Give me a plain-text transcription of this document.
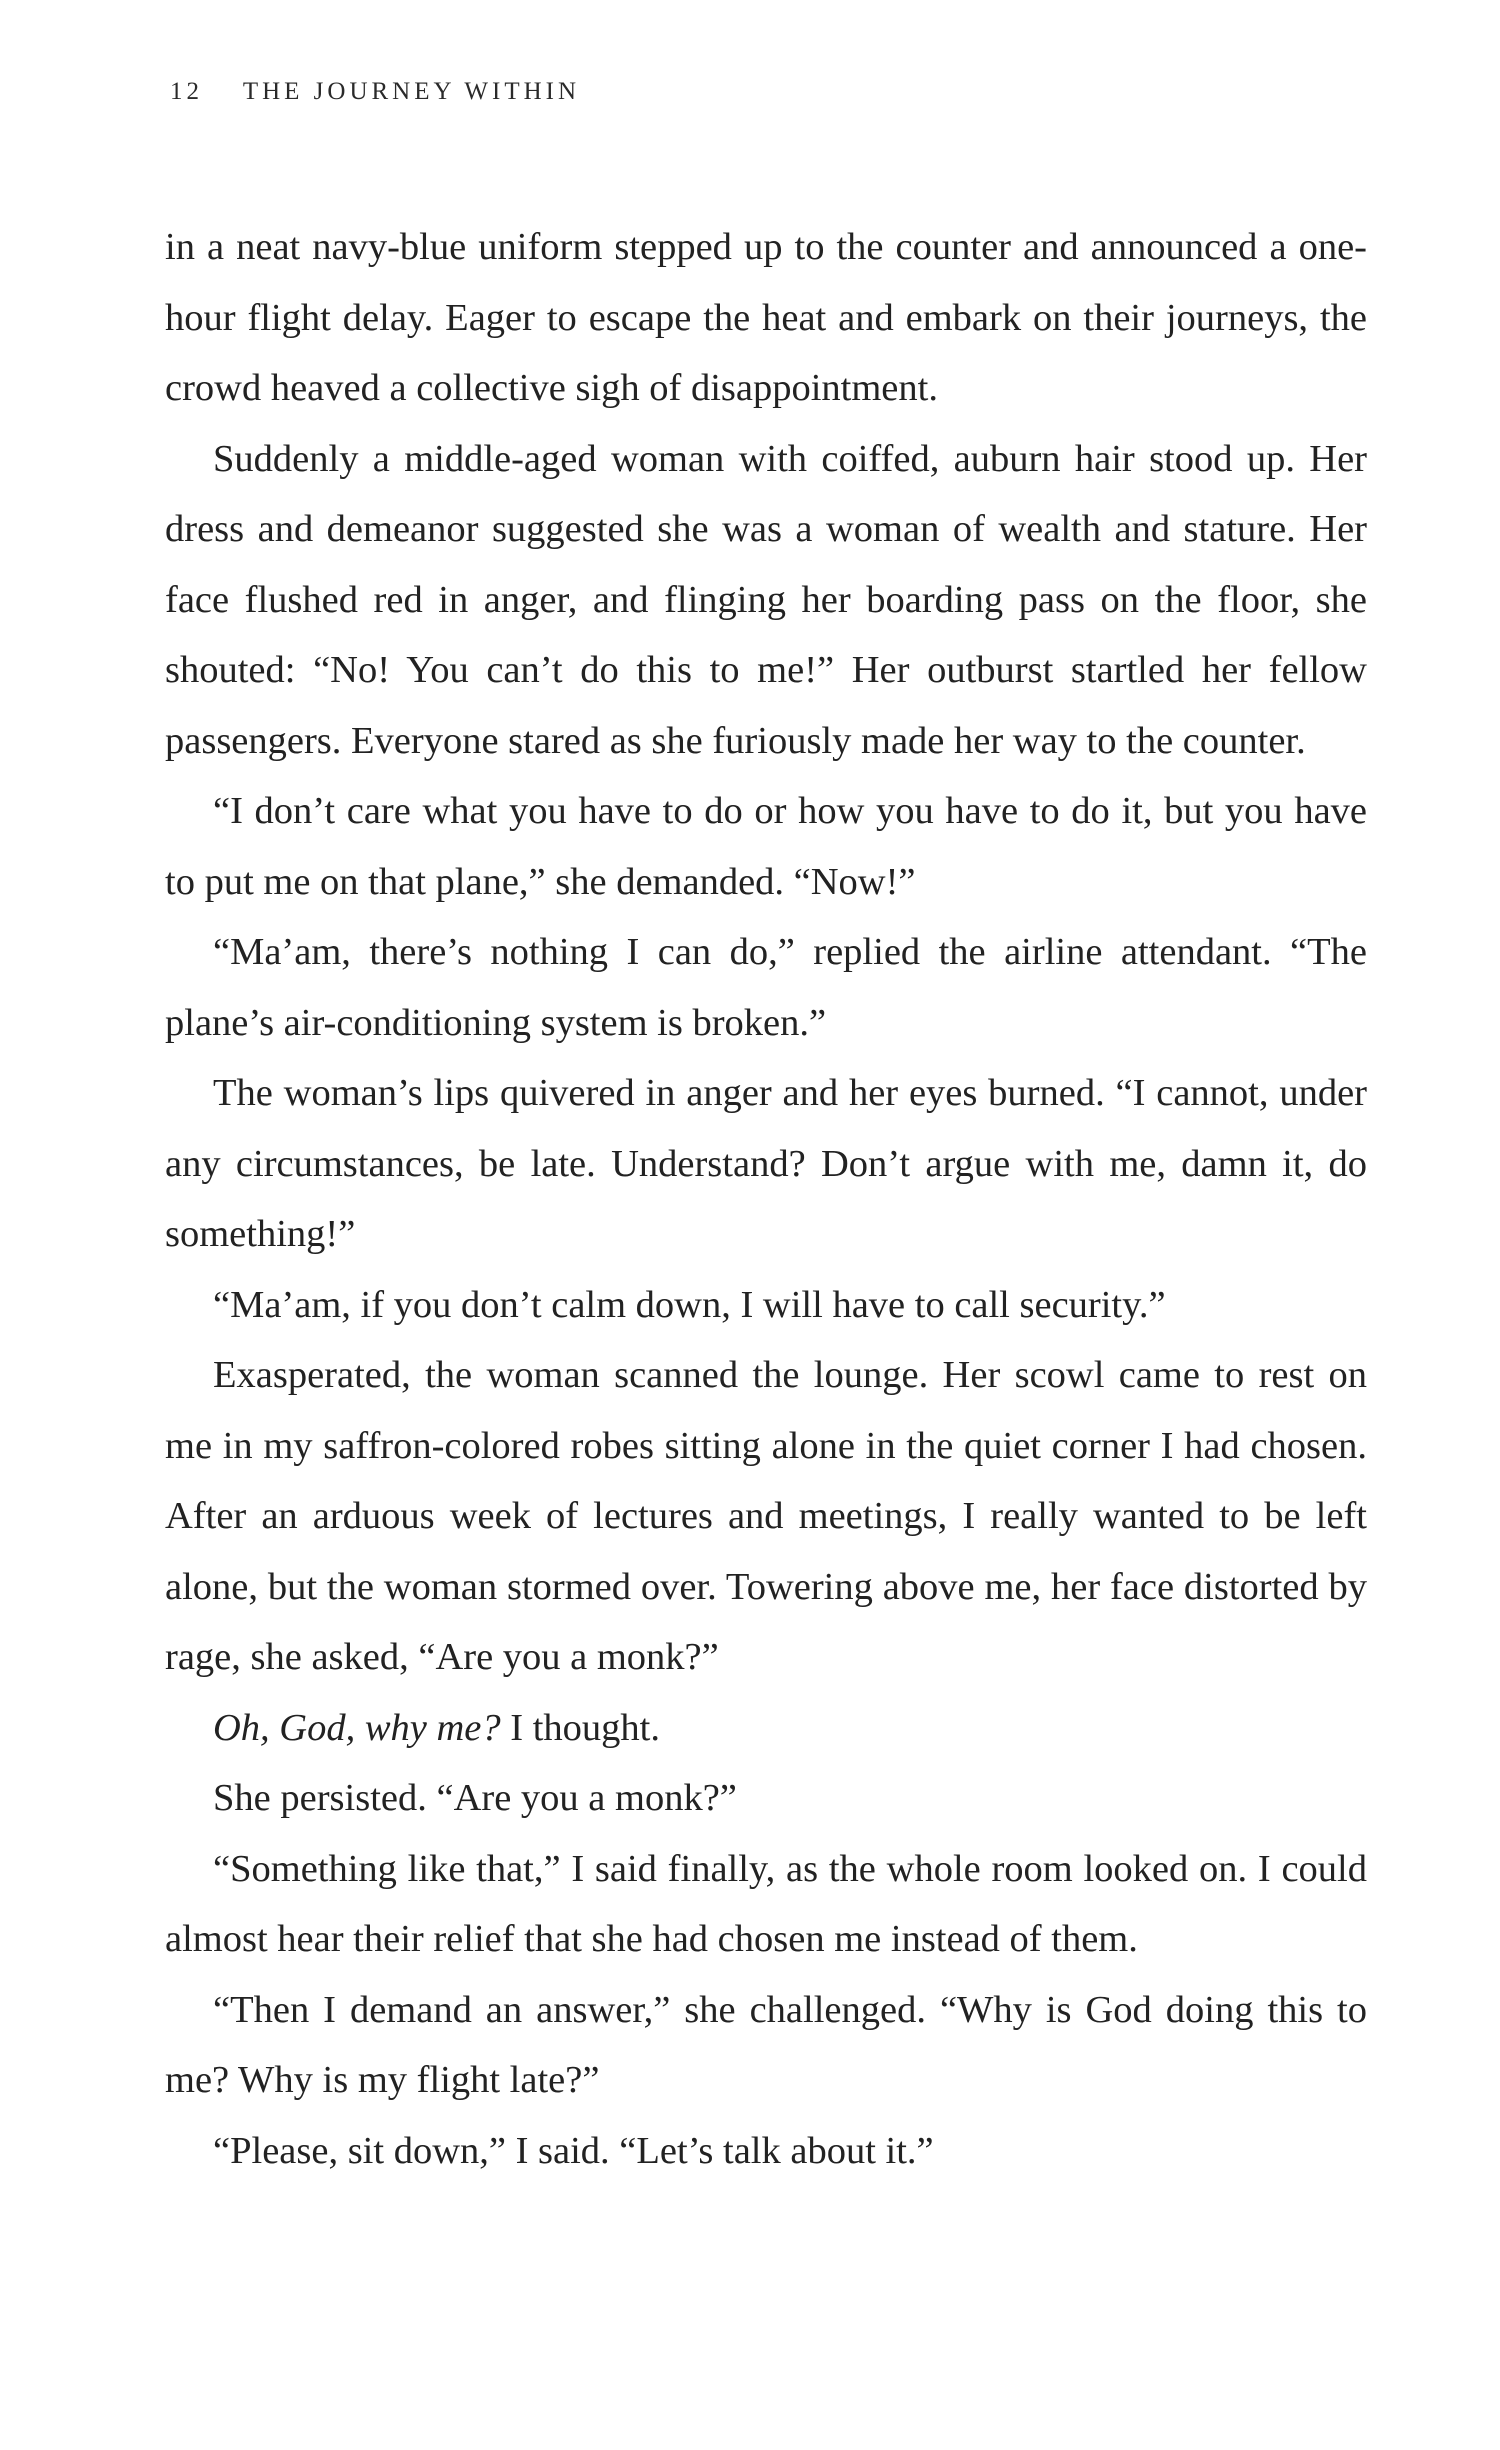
12 THE JOURNEY WITHIN

in a neat navy-blue uniform stepped up to the counter and announced a one-hour flight delay. Eager to escape the heat and embark on their journeys, the crowd heaved a collective sigh of disappointment.

Suddenly a middle-aged woman with coiffed, auburn hair stood up. Her dress and demeanor suggested she was a woman of wealth and stature. Her face flushed red in anger, and flinging her boarding pass on the floor, she shouted: “No! You can’t do this to me!” Her outburst startled her fellow passengers. Everyone stared as she furiously made her way to the counter.

“I don’t care what you have to do or how you have to do it, but you have to put me on that plane,” she demanded. “Now!”

“Ma’am, there’s nothing I can do,” replied the airline attendant. “The plane’s air-conditioning system is broken.”

The woman’s lips quivered in anger and her eyes burned. “I cannot, under any circumstances, be late. Understand? Don’t argue with me, damn it, do something!”

“Ma’am, if you don’t calm down, I will have to call security.”

Exasperated, the woman scanned the lounge. Her scowl came to rest on me in my saffron-colored robes sitting alone in the quiet corner I had chosen. After an arduous week of lectures and meetings, I really wanted to be left alone, but the woman stormed over. Towering above me, her face distorted by rage, she asked, “Are you a monk?”

Oh, God, why me? I thought.

She persisted. “Are you a monk?”

“Something like that,” I said finally, as the whole room looked on. I could almost hear their relief that she had chosen me instead of them.

“Then I demand an answer,” she challenged. “Why is God doing this to me? Why is my flight late?”

“Please, sit down,” I said. “Let’s talk about it.”
